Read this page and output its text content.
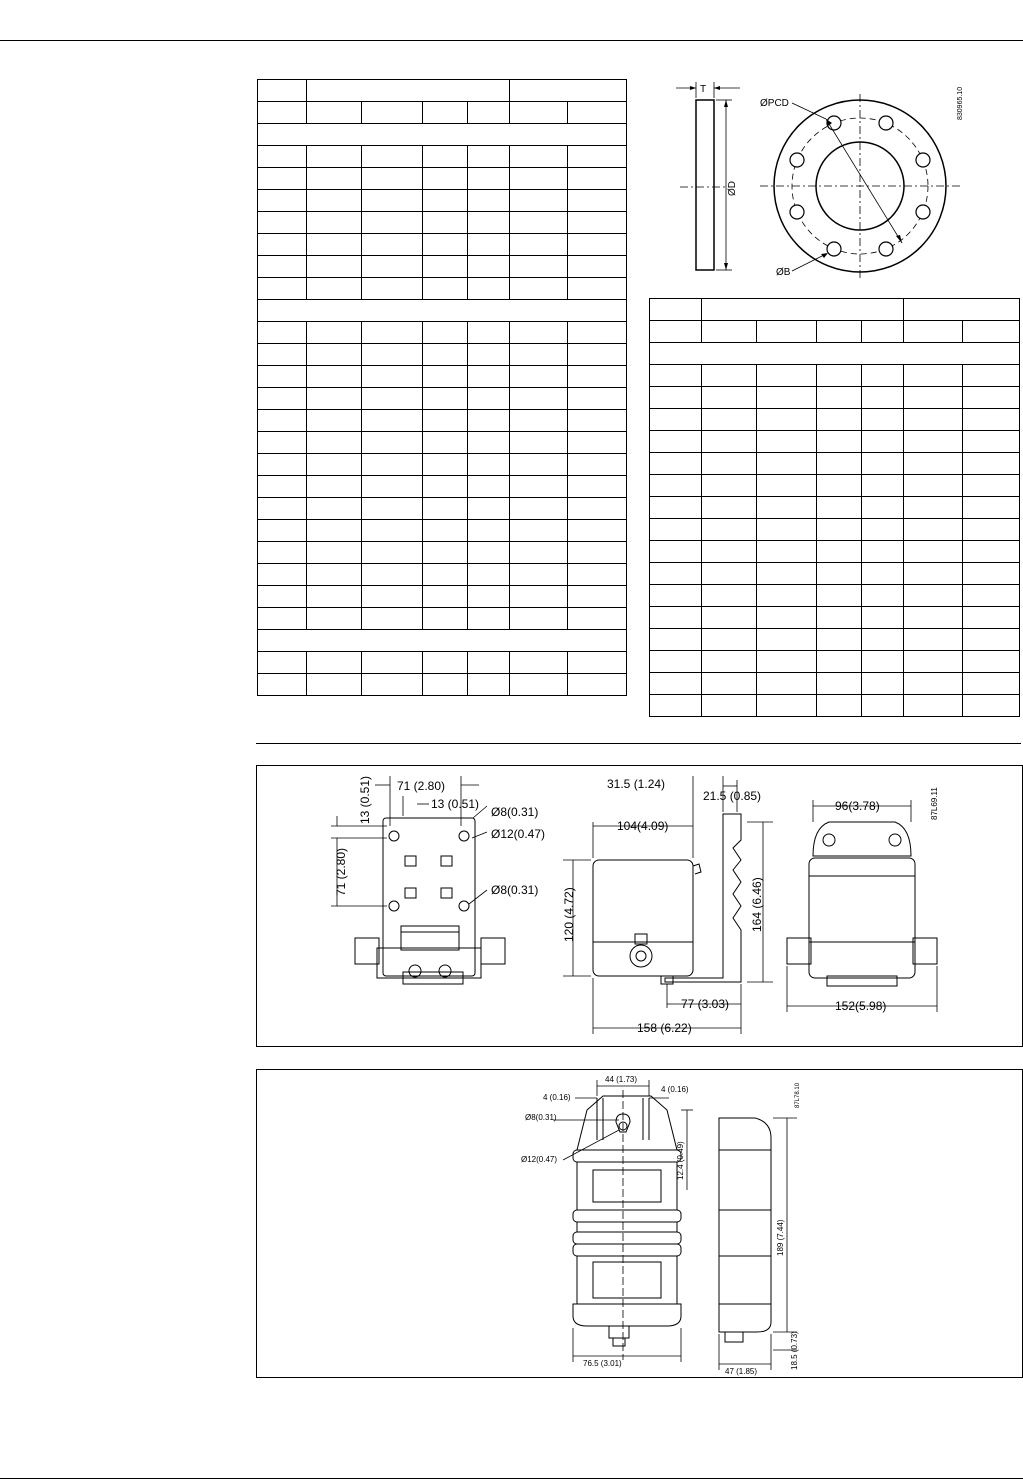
T
ØD
ØPCD
ØB
830965.10
71 (2.80)
13 (0.51)	13 (0.51)
Ø8(0.31)
Ø12(0.47)
71 (2.80)	Ø8(0.31)
31.5 (1.24)
21.5 (0.85)
104(4.09)
120 (4.72)	164 (6.46)
77 (3.03)
158 (6.22)
96(3.78)
152(5.98)
87L69.11
44 (1.73)
4 (0.16)
4 (0.16)
Ø8(0.31)
Ø12(0.47)	12.4 (0.49)
189 (7.44)
18.5 (0.73)
76.5 (3.01)
47 (1.85)
87L78.10
